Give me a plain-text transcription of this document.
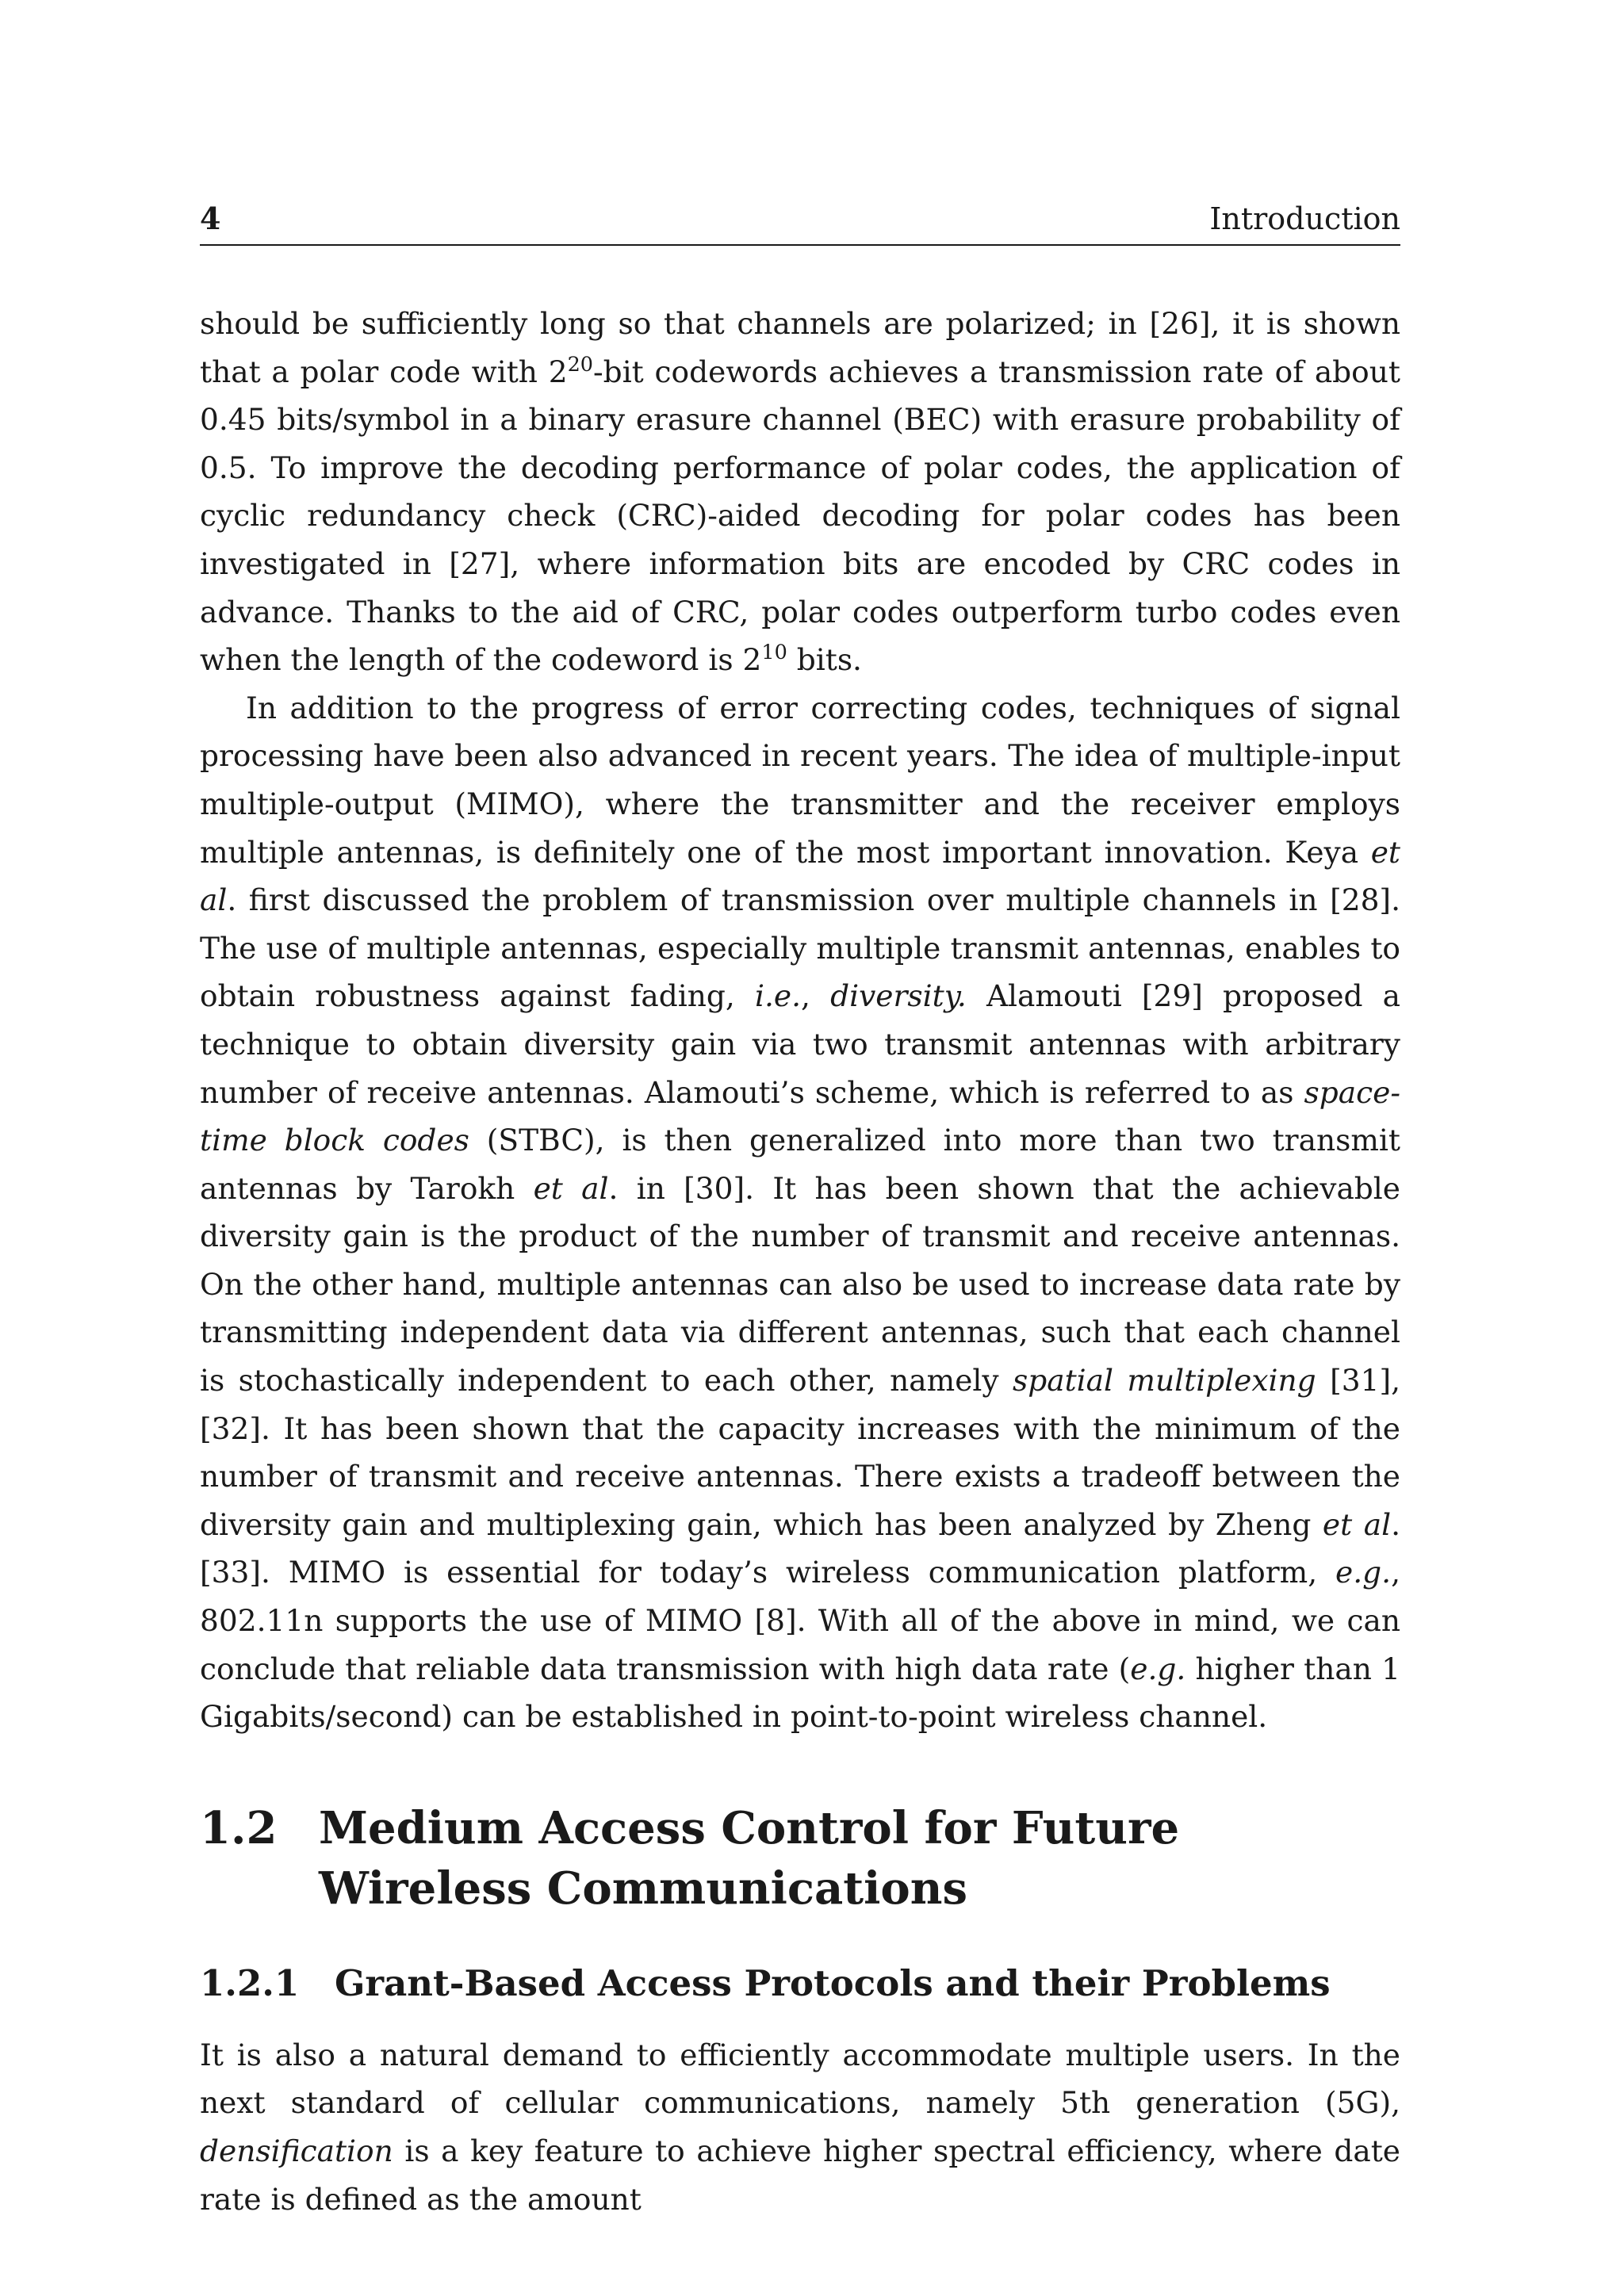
4	Introduction

should be sufficiently long so that channels are polarized; in [26], it is shown that a polar code with $2^{20}$-bit codewords achieves a transmission rate of about 0.45 bits/symbol in a binary erasure channel (BEC) with erasure probability of 0.5. To improve the decoding performance of polar codes, the application of cyclic redundancy check (CRC)-aided decoding for polar codes has been investigated in [27], where information bits are encoded by CRC codes in advance. Thanks to the aid of CRC, polar codes outperform turbo codes even when the length of the codeword is $2^{10}$ bits.

In addition to the progress of error correcting codes, techniques of signal processing have been also advanced in recent years. The idea of multiple-input multiple-output (MIMO), where the transmitter and the receiver employs multiple antennas, is definitely one of the most important innovation. Keya et al. first discussed the problem of transmission over multiple channels in [28]. The use of multiple antennas, especially multiple transmit antennas, enables to obtain robustness against fading, i.e., diversity. Alamouti [29] proposed a technique to obtain diversity gain via two transmit antennas with arbitrary number of receive antennas. Alamouti’s scheme, which is referred to as space-time block codes (STBC), is then generalized into more than two transmit antennas by Tarokh et al. in [30]. It has been shown that the achievable diversity gain is the product of the number of transmit and receive antennas. On the other hand, multiple antennas can also be used to increase data rate by transmitting independent data via different antennas, such that each channel is stochastically independent to each other, namely spatial multiplexing [31], [32]. It has been shown that the capacity increases with the minimum of the number of transmit and receive antennas. There exists a tradeoff between the diversity gain and multiplexing gain, which has been analyzed by Zheng et al. [33]. MIMO is essential for today’s wireless communication platform, e.g., 802.11n supports the use of MIMO [8]. With all of the above in mind, we can conclude that reliable data transmission with high data rate (e.g. higher than 1 Gigabits/second) can be established in point-to-point wireless channel.

1.2 Medium Access Control for Future Wireless Communications
1.2.1 Grant-Based Access Protocols and their Problems

It is also a natural demand to efficiently accommodate multiple users. In the next standard of cellular communications, namely 5th generation (5G), densification is a key feature to achieve higher spectral efficiency, where date rate is defined as the amount
